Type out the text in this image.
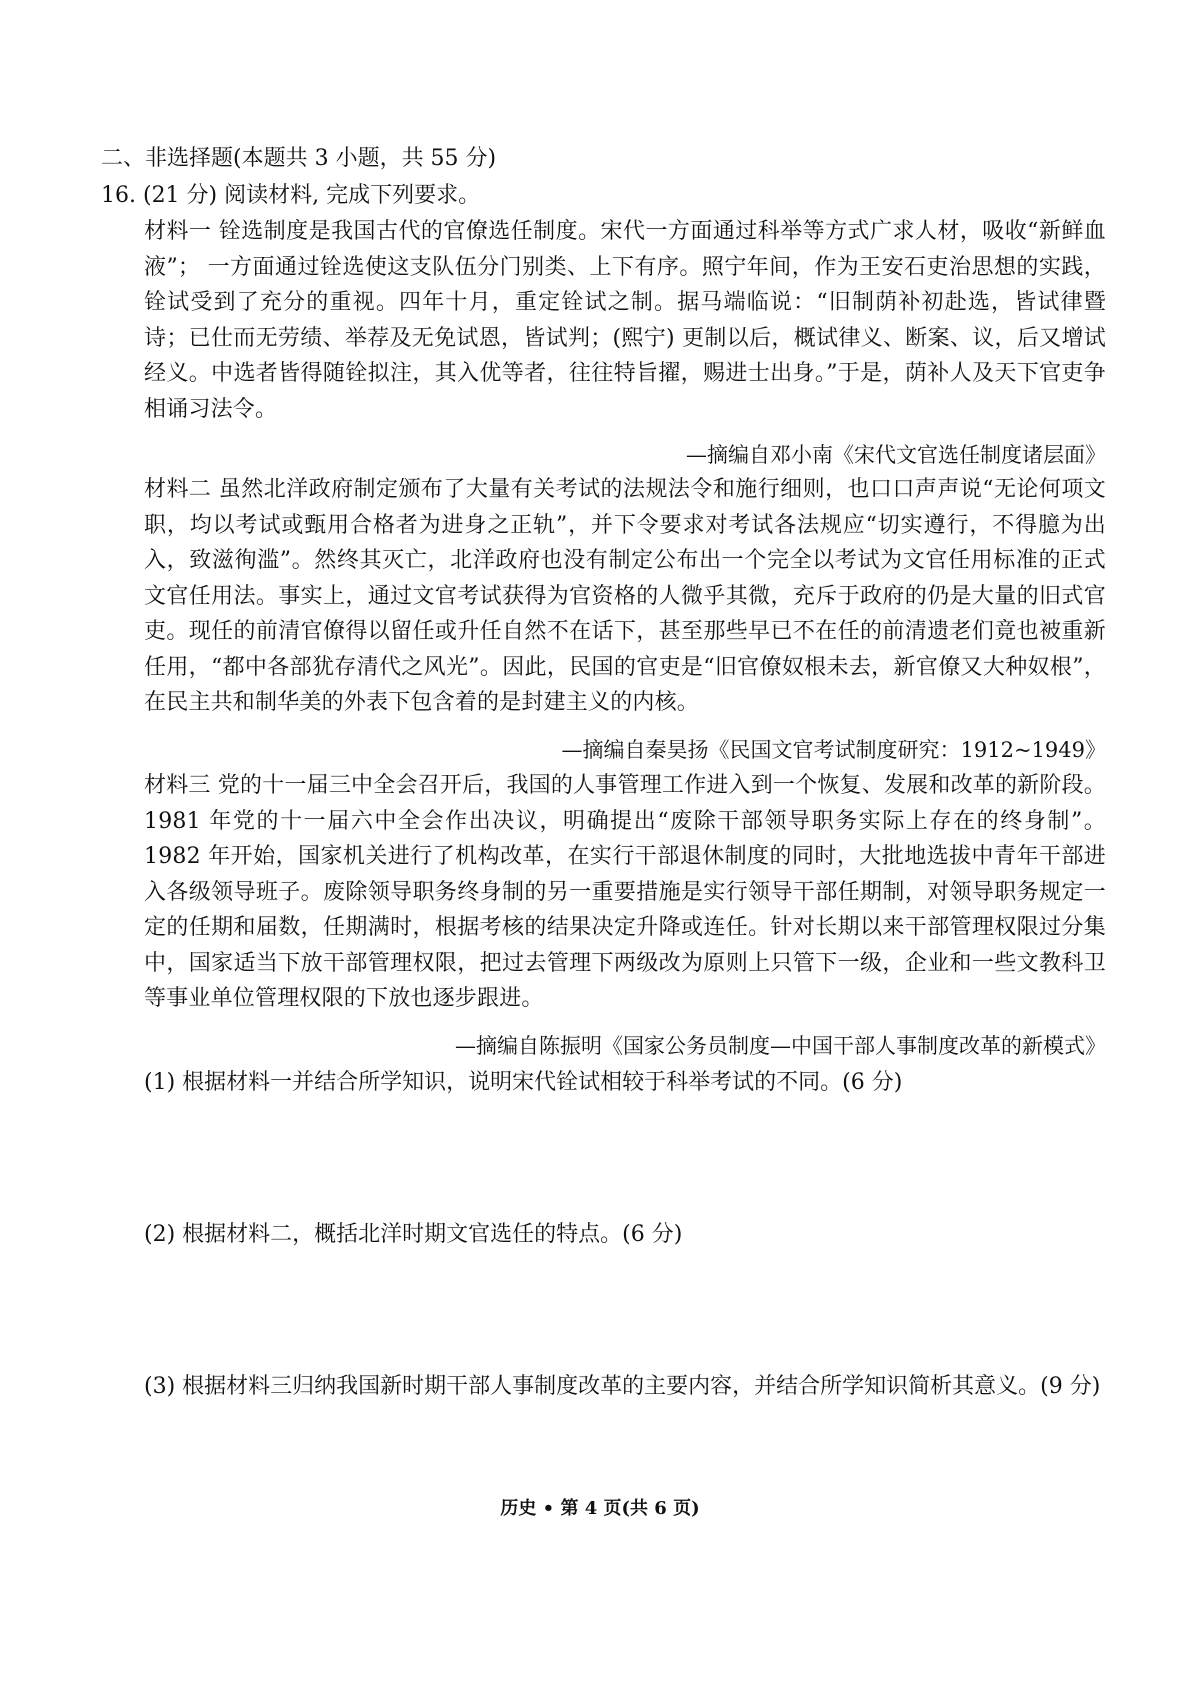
二、非选择题(本题共 3 小题，共 55 分)
16. (21 分) 阅读材料, 完成下列要求。
材料一 铨选制度是我国古代的官僚选任制度。宋代一方面通过科举等方式广求人材，吸收“新鲜血液”； 一方面通过铨选使这支队伍分门别类、上下有序。照宁年间，作为王安石吏治思想的实践，铨试受到了充分的重视。四年十月，重定铨试之制。据马端临说：“旧制荫补初赴选，皆试律暨诗；已仕而无劳绩、举荐及无免试恩，皆试判；(熙宁) 更制以后，概试律义、断案、议，后又增试经义。中选者皆得随铨拟注，其入优等者，往往特旨擢，赐进士出身。”于是，荫补人及天下官吏争相诵习法令。
—摘编自邓小南《宋代文官选任制度诸层面》
材料二 虽然北洋政府制定颁布了大量有关考试的法规法令和施行细则，也口口声声说“无论何项文职，均以考试或甄用合格者为进身之正轨”，并下令要求对考试各法规应“切实遵行，不得臆为出入，致滋徇滥”。然终其灭亡，北洋政府也没有制定公布出一个完全以考试为文官任用标准的正式文官任用法。事实上，通过文官考试获得为官资格的人微乎其微，充斥于政府的仍是大量的旧式官吏。现任的前清官僚得以留任或升任自然不在话下，甚至那些早已不在任的前清遗老们竟也被重新任用，“都中各部犹存清代之风光”。因此，民国的官吏是“旧官僚奴根未去，新官僚又大种奴根”，在民主共和制华美的外表下包含着的是封建主义的内核。
—摘编自秦昊扬《民国文官考试制度研究：1912~1949》
材料三 党的十一届三中全会召开后，我国的人事管理工作进入到一个恢复、发展和改革的新阶段。1981 年党的十一届六中全会作出决议，明确提出“废除干部领导职务实际上存在的终身制”。1982 年开始，国家机关进行了机构改革，在实行干部退休制度的同时，大批地选拔中青年干部进入各级领导班子。废除领导职务终身制的另一重要措施是实行领导干部任期制，对领导职务规定一定的任期和届数，任期满时，根据考核的结果决定升降或连任。针对长期以来干部管理权限过分集中，国家适当下放干部管理权限，把过去管理下两级改为原则上只管下一级，企业和一些文教科卫等事业单位管理权限的下放也逐步跟进。
—摘编自陈振明《国家公务员制度—中国干部人事制度改革的新模式》
(1) 根据材料一并结合所学知识，说明宋代铨试相较于科举考试的不同。(6 分)
(2) 根据材料二，概括北洋时期文官选任的特点。(6 分)
(3) 根据材料三归纳我国新时期干部人事制度改革的主要内容，并结合所学知识简析其意义。(9 分)
历史 • 第 4 页(共 6 页)
